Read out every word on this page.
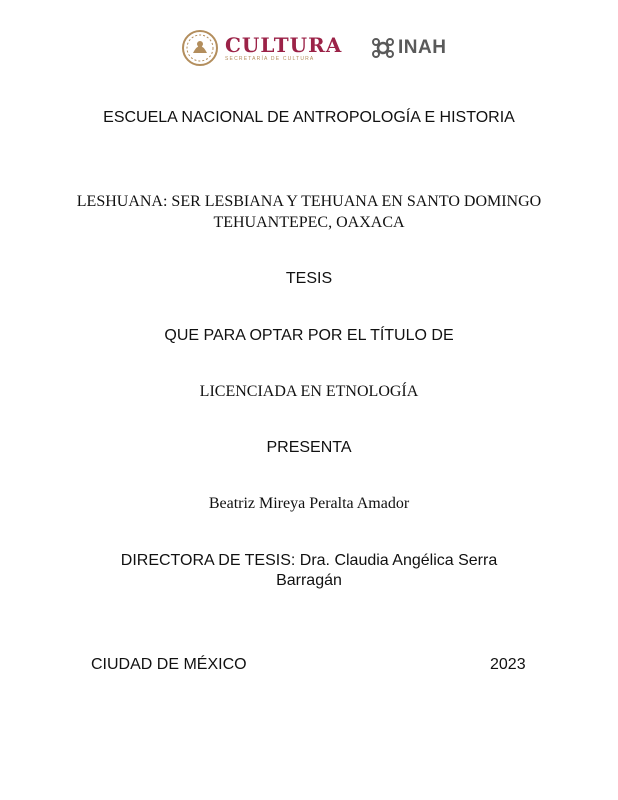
CULTURA
SECRETARÍA DE CULTURA
INAH
ESCUELA NACIONAL DE ANTROPOLOGÍA E HISTORIA
LESHUANA: SER LESBIANA Y TEHUANA EN SANTO DOMINGO
TEHUANTEPEC, OAXACA
TESIS
QUE PARA OPTAR POR EL TÍTULO DE
LICENCIADA EN ETNOLOGÍA
PRESENTA
Beatriz Mireya Peralta Amador
DIRECTORA DE TESIS: Dra. Claudia Angélica Serra
Barragán
CIUDAD DE MÉXICO	2023
